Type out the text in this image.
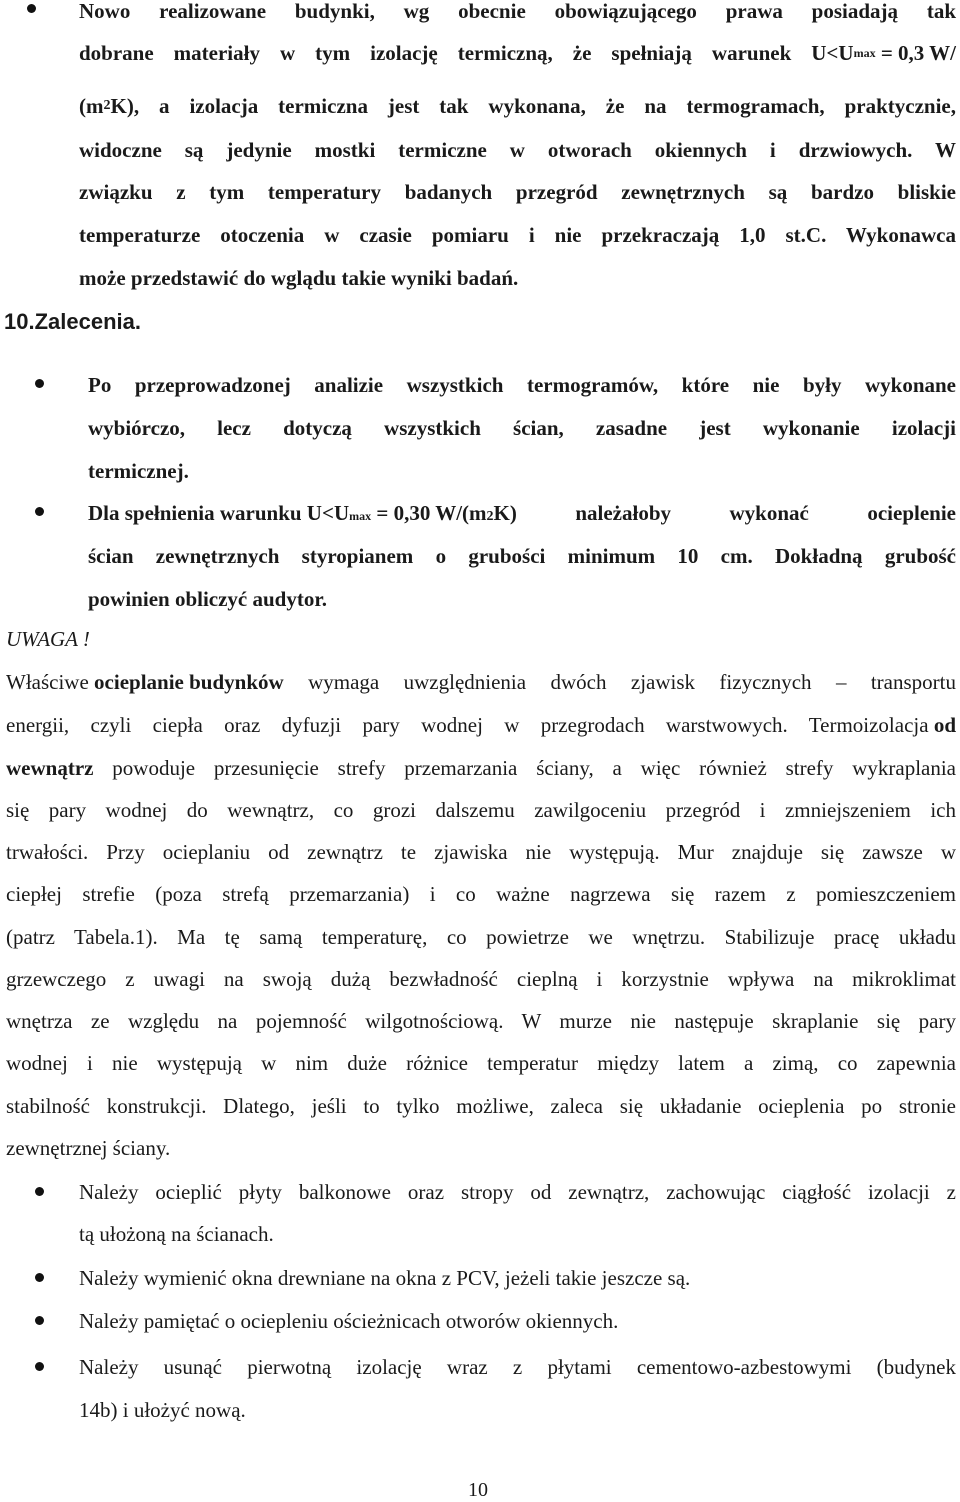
Nowo realizowane budynki, wg obecnie obowiązującego prawa posiadają tak
dobrane materiały w tym izolację termiczną, że spełniają warunek U<U max = 0,3 W/
(m 2 K), a izolacja termiczna jest tak wykonana, że na termogramach, praktycznie,
widoczne są jedynie mostki termiczne w otworach okiennych i drzwiowych. W
związku z tym temperatury badanych przegród zewnętrznych są bardzo bliskie
temperaturze otoczenia w czasie pomiaru i nie przekraczają 1,0 st.C. Wykonawca
może przedstawić do wglądu takie wyniki badań.
10.Zalecenia.
Po przeprowadzonej analizie wszystkich termogramów, które nie były wykonane
wybiórczo, lecz dotyczą wszystkich ścian, zasadne jest wykonanie izolacji
termicznej.
Dla spełnienia warunku U<U max = 0,30 W/(m 2 K) należałoby wykonać ocieplenie
ścian zewnętrznych styropianem o grubości minimum 10 cm. Dokładną grubość
powinien obliczyć audytor.
UWAGA !
Właściwe ocieplanie budynków wymaga uwzględnienia dwóch zjawisk fizycznych – transportu
energii, czyli ciepła oraz dyfuzji pary wodnej w przegrodach warstwowych. Termoizolacja od
wewnątrz powoduje przesunięcie strefy przemarzania ściany, a więc również strefy wykraplania
się pary wodnej do wewnątrz, co grozi dalszemu zawilgoceniu przegród i zmniejszeniem ich
trwałości. Przy ocieplaniu od zewnątrz te zjawiska nie występują. Mur znajduje się zawsze w
ciepłej strefie (poza strefą przemarzania) i co ważne nagrzewa się razem z pomieszczeniem
(patrz Tabela.1). Ma tę samą temperaturę, co powietrze we wnętrzu. Stabilizuje pracę układu
grzewczego z uwagi na swoją dużą bezwładność cieplną i korzystnie wpływa na mikroklimat
wnętrza ze względu na pojemność wilgotnościową. W murze nie następuje skraplanie się pary
wodnej i nie występują w nim duże różnice temperatur między latem a zimą, co zapewnia
stabilność konstrukcji. Dlatego, jeśli to tylko możliwe, zaleca się układanie ocieplenia po stronie
zewnętrznej ściany.
Należy ocieplić płyty balkonowe oraz stropy od zewnątrz, zachowując ciągłość izolacji z
tą ułożoną na ścianach.
Należy wymienić okna drewniane na okna z PCV, jeżeli takie jeszcze są.
Należy pamiętać o ociepleniu ościeżnicach otworów okiennych.
Należy usunąć pierwotną izolację wraz z płytami cementowo-azbestowymi (budynek
14b) i ułożyć nową.
10
